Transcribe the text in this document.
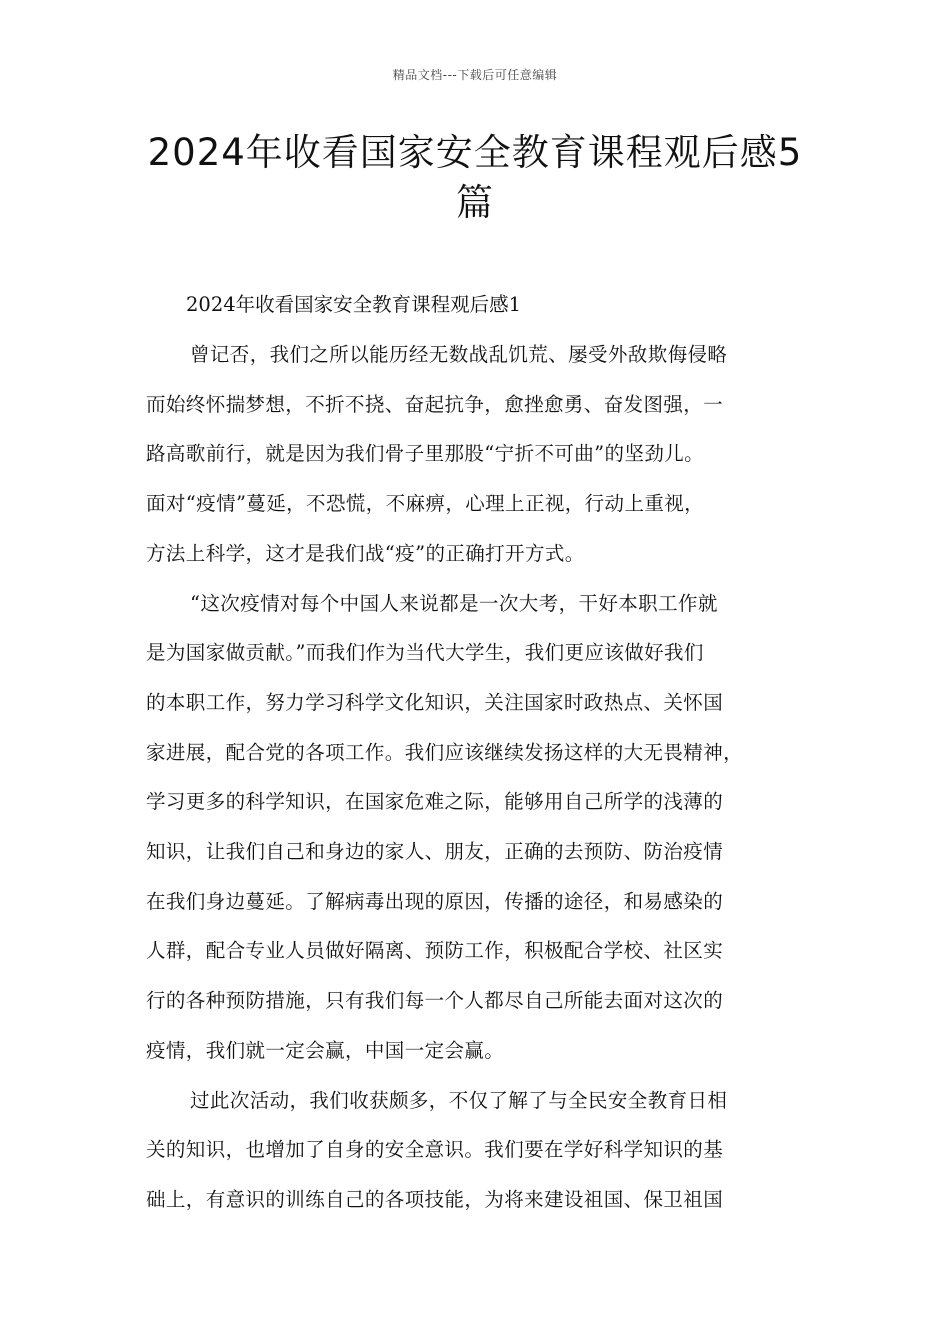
精品文档---下载后可任意编辑
2024年收看国家安全教育课程观后感5
篇
2024年收看国家安全教育课程观后感1

曾记否，我们之所以能历经无数战乱饥荒、屡受外敌欺侮侵略
而始终怀揣梦想，不折不挠、奋起抗争，愈挫愈勇、奋发图强，一
路高歌前行，就是因为我们骨子里那股“宁折不可曲”的坚劲儿。
面对“疫情”蔓延，不恐慌，不麻痹，心理上正视，行动上重视，
方法上科学，这才是我们战“疫”的正确打开方式。

“这次疫情对每个中国人来说都是一次大考，干好本职工作就
是为国家做贡献。”而我们作为当代大学生，我们更应该做好我们
的本职工作，努力学习科学文化知识，关注国家时政热点、关怀国
家进展，配合党的各项工作。我们应该继续发扬这样的大无畏精神，
学习更多的科学知识，在国家危难之际，能够用自己所学的浅薄的
知识，让我们自己和身边的家人、朋友，正确的去预防、防治疫情
在我们身边蔓延。了解病毒出现的原因，传播的途径，和易感染的
人群，配合专业人员做好隔离、预防工作，积极配合学校、社区实
行的各种预防措施，只有我们每一个人都尽自己所能去面对这次的
疫情，我们就一定会赢，中国一定会赢。

过此次活动，我们收获颇多，不仅了解了与全民安全教育日相
关的知识，也增加了自身的安全意识。我们要在学好科学知识的基
础上，有意识的训练自己的各项技能，为将来建设祖国、保卫祖国
